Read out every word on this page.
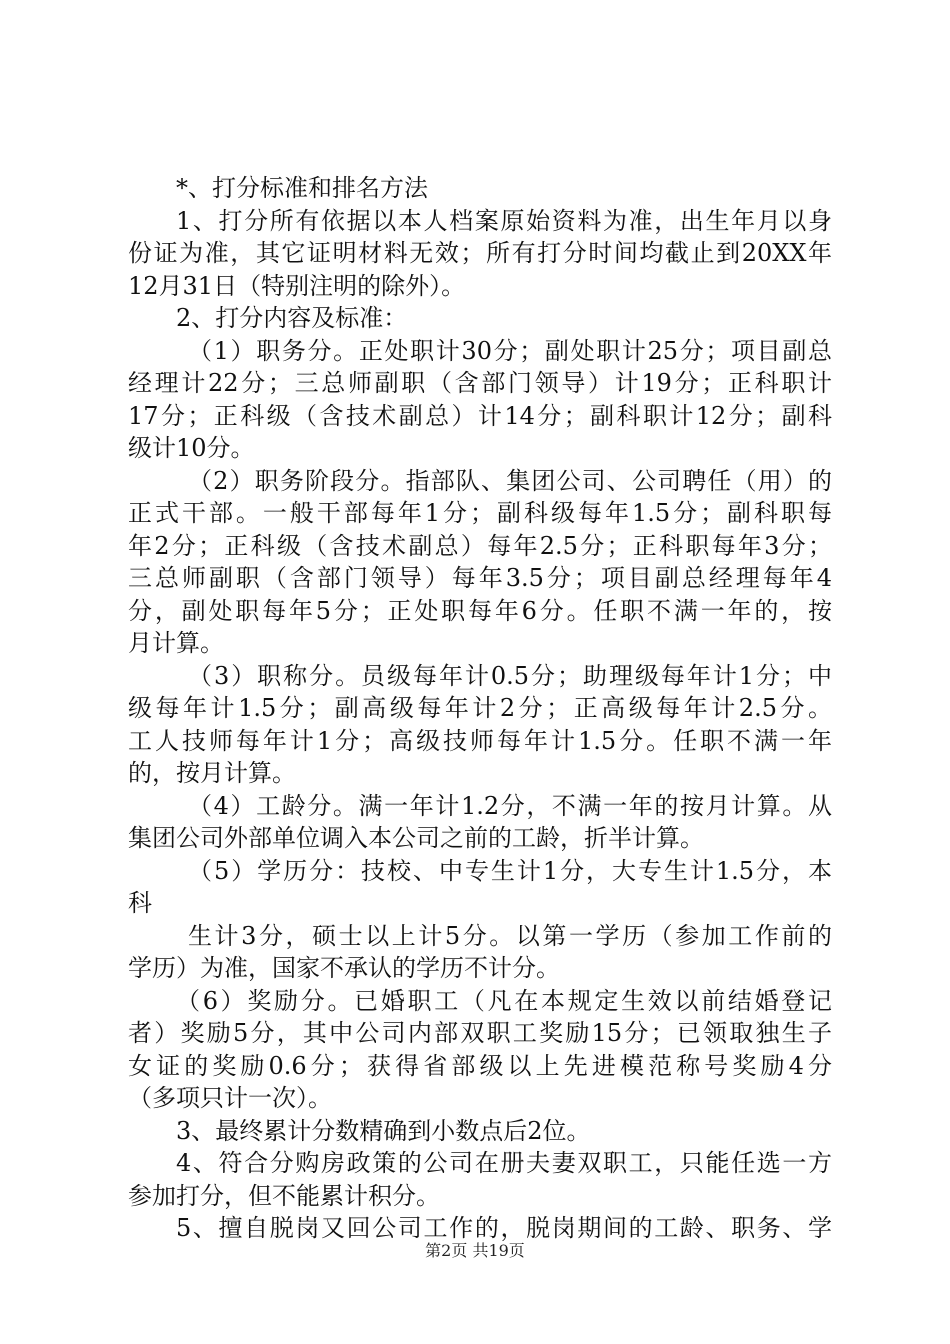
*、打分标准和排名方法
1、打分所有依据以本人档案原始资料为准，出生年月以身
份证为准，其它证明材料无效；所有打分时间均截止到20XX年
12月31日（特别注明的除外）。
2、打分内容及标准：
（1）职务分。正处职计30分；副处职计25分；项目副总
经理计22分；三总师副职（含部门领导）计19分；正科职计
17分；正科级（含技术副总）计14分；副科职计12分；副科
级计10分。
（2）职务阶段分。指部队、集团公司、公司聘任（用）的
正式干部。一般干部每年1分；副科级每年1.5分；副科职每
年2分；正科级（含技术副总）每年2.5分；正科职每年3分；
三总师副职（含部门领导）每年3.5分；项目副总经理每年4
分，副处职每年5分；正处职每年6分。任职不满一年的，按
月计算。
（3）职称分。员级每年计0.5分；助理级每年计1分；中
级每年计1.5分；副高级每年计2分；正高级每年计2.5分。
工人技师每年计1分；高级技师每年计1.5分。任职不满一年
的，按月计算。
（4）工龄分。满一年计1.2分，不满一年的按月计算。从
集团公司外部单位调入本公司之前的工龄，折半计算。
（5）学历分：技校、中专生计1分，大专生计1.5分，本
科
生计3分，硕士以上计5分。以第一学历（参加工作前的
学历）为准，国家不承认的学历不计分。
（6）奖励分。已婚职工（凡在本规定生效以前结婚登记
者）奖励5分，其中公司内部双职工奖励15分；已领取独生子
女证的奖励0.6分；获得省部级以上先进模范称号奖励4分
（多项只计一次）。
3、最终累计分数精确到小数点后2位。
4、符合分购房政策的公司在册夫妻双职工，只能任选一方
参加打分，但不能累计积分。
5、擅自脱岗又回公司工作的，脱岗期间的工龄、职务、学
第2页 共19页
